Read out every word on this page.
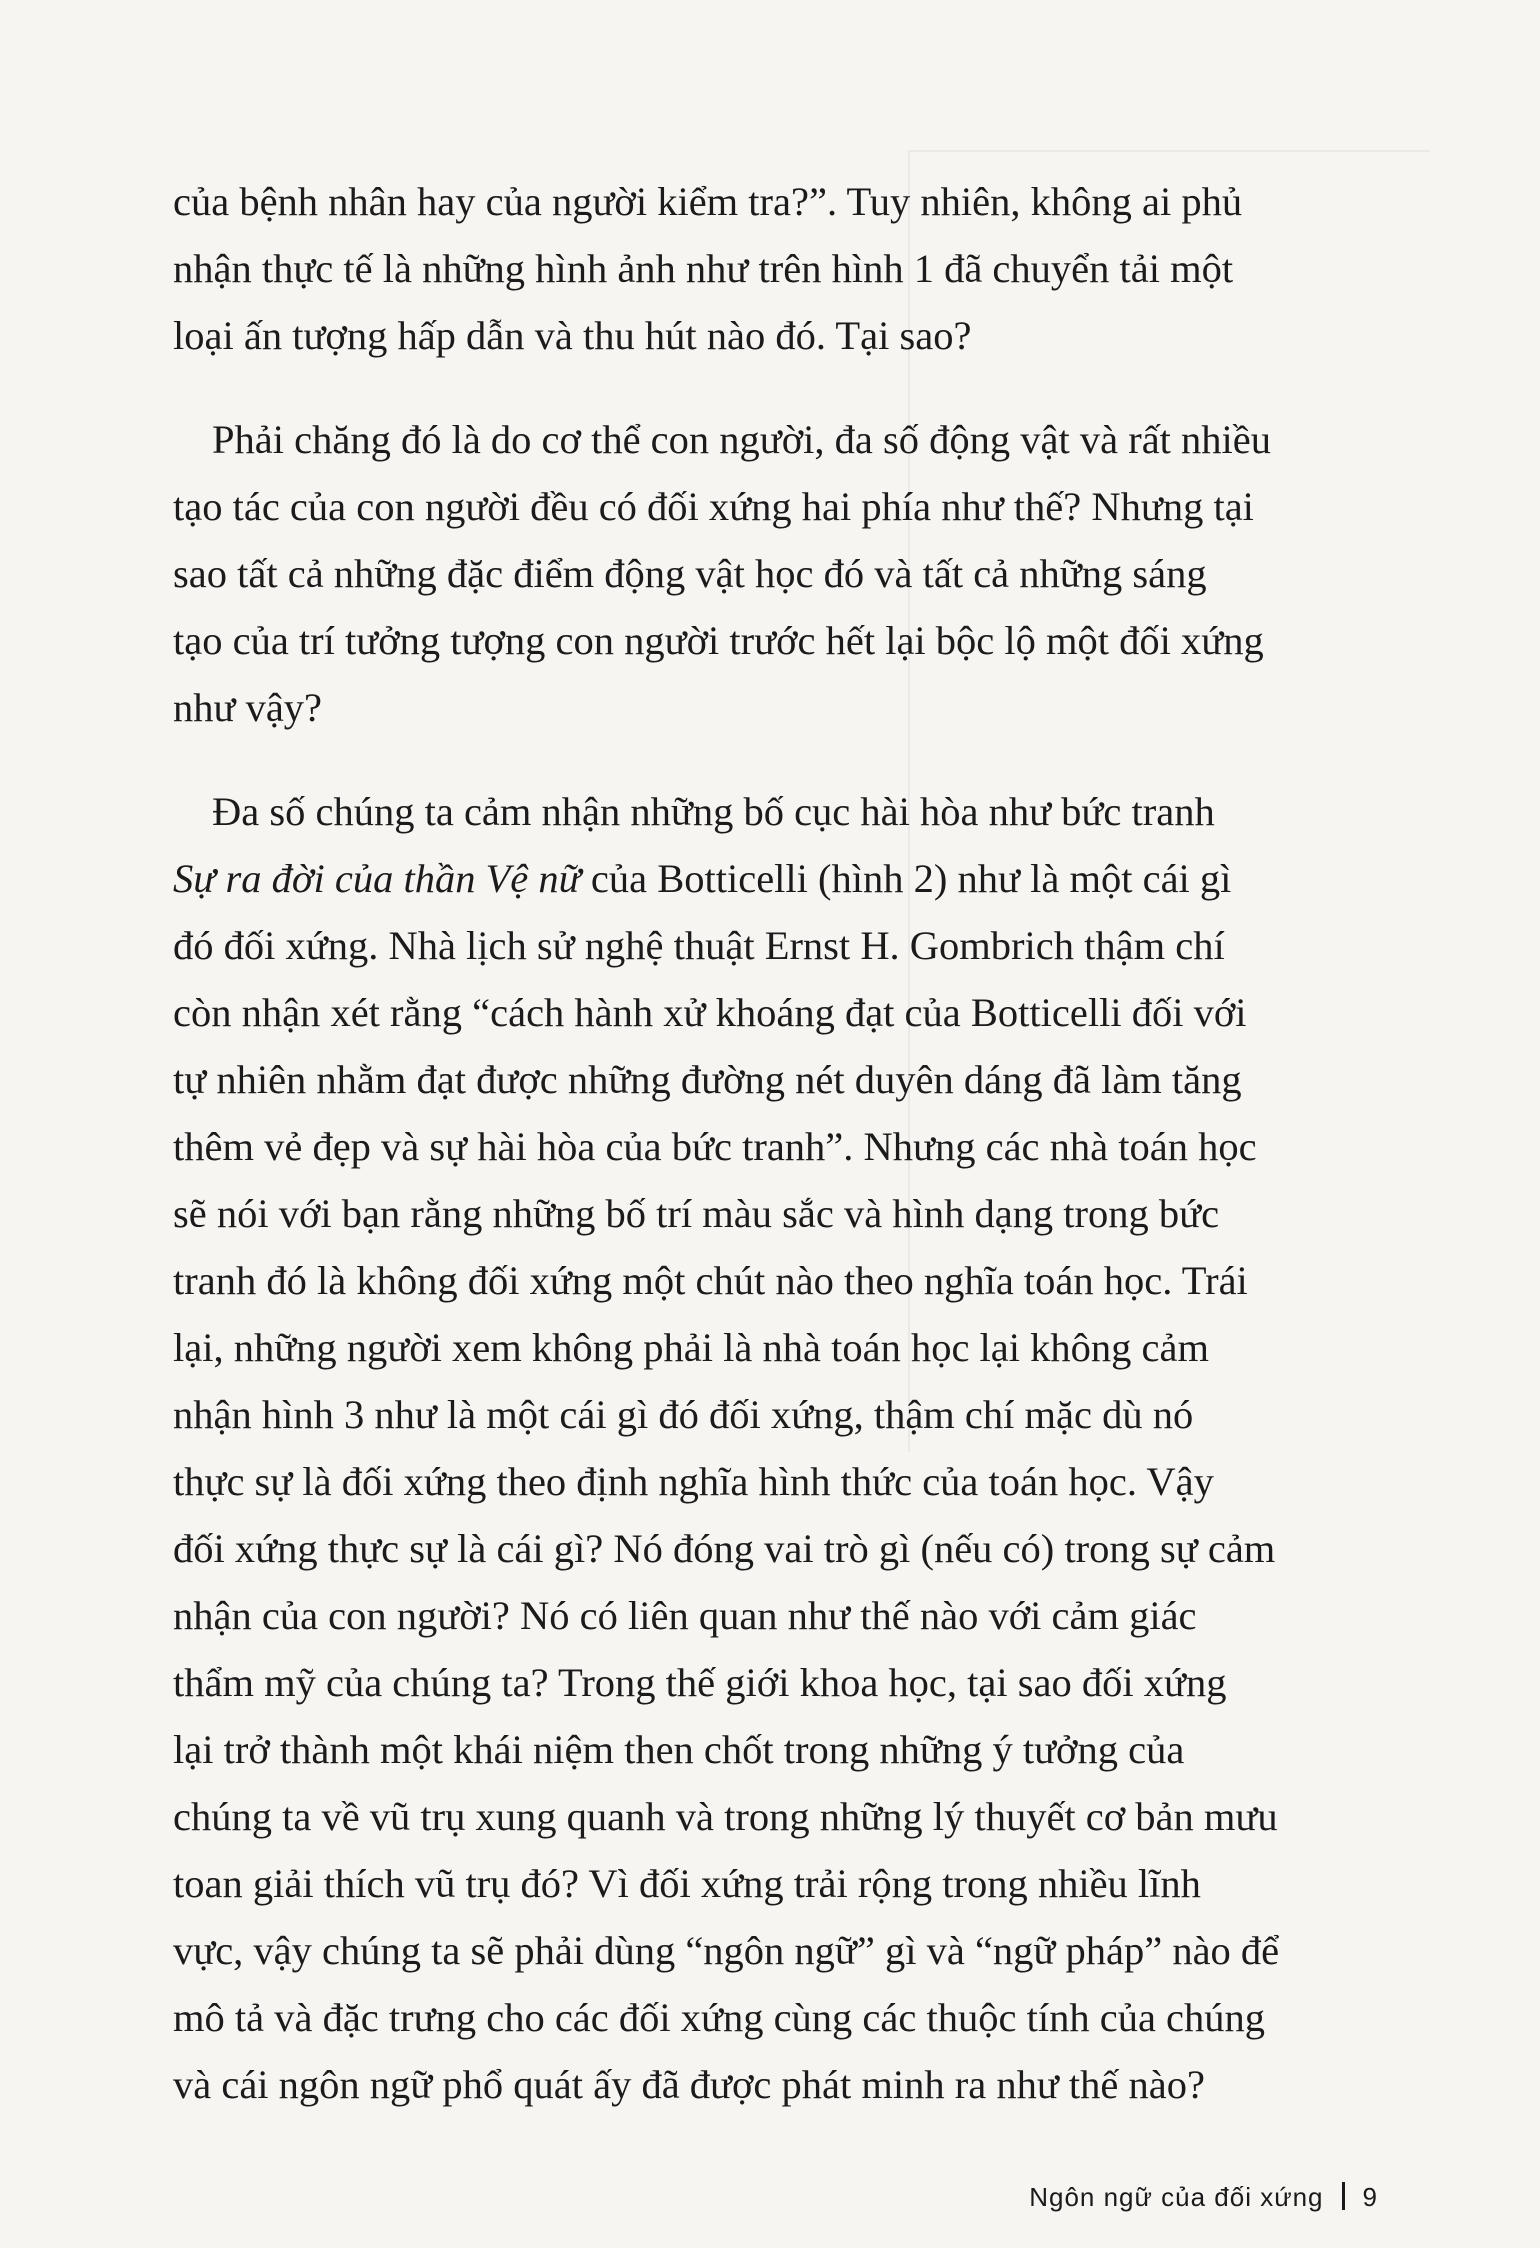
của bệnh nhân hay của người kiểm tra?”. Tuy nhiên, không ai phủ
nhận thực tế là những hình ảnh như trên hình 1 đã chuyển tải một
loại ấn tượng hấp dẫn và thu hút nào đó. Tại sao?
Phải chăng đó là do cơ thể con người, đa số động vật và rất nhiều
tạo tác của con người đều có đối xứng hai phía như thế? Nhưng tại
sao tất cả những đặc điểm động vật học đó và tất cả những sáng
tạo của trí tưởng tượng con người trước hết lại bộc lộ một đối xứng
như vậy?
Đa số chúng ta cảm nhận những bố cục hài hòa như bức tranh
Sự ra đời của thần Vệ nữ của Botticelli (hình 2) như là một cái gì
đó đối xứng. Nhà lịch sử nghệ thuật Ernst H. Gombrich thậm chí
còn nhận xét rằng “cách hành xử khoáng đạt của Botticelli đối với
tự nhiên nhằm đạt được những đường nét duyên dáng đã làm tăng
thêm vẻ đẹp và sự hài hòa của bức tranh”. Nhưng các nhà toán học
sẽ nói với bạn rằng những bố trí màu sắc và hình dạng trong bức
tranh đó là không đối xứng một chút nào theo nghĩa toán học. Trái
lại, những người xem không phải là nhà toán học lại không cảm
nhận hình 3 như là một cái gì đó đối xứng, thậm chí mặc dù nó
thực sự là đối xứng theo định nghĩa hình thức của toán học. Vậy
đối xứng thực sự là cái gì? Nó đóng vai trò gì (nếu có) trong sự cảm
nhận của con người? Nó có liên quan như thế nào với cảm giác
thẩm mỹ của chúng ta? Trong thế giới khoa học, tại sao đối xứng
lại trở thành một khái niệm then chốt trong những ý tưởng của
chúng ta về vũ trụ xung quanh và trong những lý thuyết cơ bản mưu
toan giải thích vũ trụ đó? Vì đối xứng trải rộng trong nhiều lĩnh
vực, vậy chúng ta sẽ phải dùng “ngôn ngữ” gì và “ngữ pháp” nào để
mô tả và đặc trưng cho các đối xứng cùng các thuộc tính của chúng
và cái ngôn ngữ phổ quát ấy đã được phát minh ra như thế nào?
Ngôn ngữ của đối xứng 9
